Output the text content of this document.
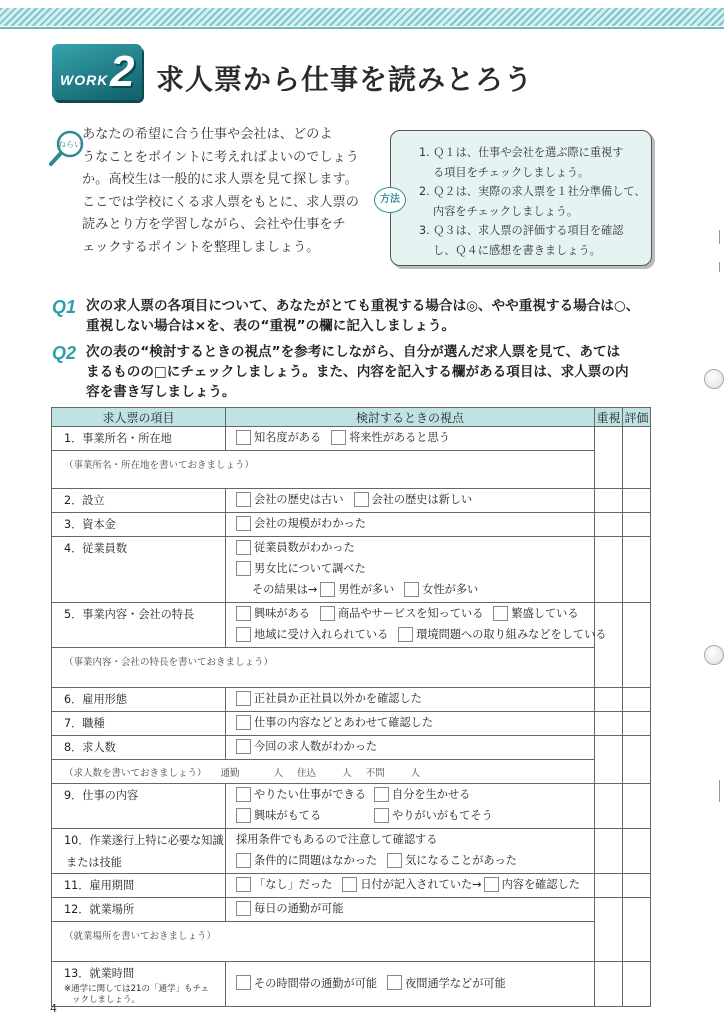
WORK 2 求人票から仕事を読みとろう
ねらい
あなたの希望に合う仕事や会社は、どのよ
うなことをポイントに考えればよいのでしょう
か。高校生は一般的に求人票を見て探します。
ここでは学校にくる求人票をもとに、求人票の
読みとり方を学習しながら、会社や仕事をチ
ェックするポイントを整理しましょう。
1. Ｑ１は、仕事や会社を選ぶ際に重視す
る項目をチェックしましょう。
2. Ｑ２は、実際の求人票を１社分準備して、
内容をチェックしましょう。
3. Ｑ３は、求人票の評価する項目を確認
し、Ｑ４に感想を書きましょう。
方法
Q1 次の求人票の各項目について、あなたがとても重視する場合は◎、やや重視する場合は○、
重視しない場合は×を、表の“重視”の欄に記入しましょう。
Q2 次の表の“検討するときの視点”を参考にしながら、自分が選んだ求人票を見て、あては
まるものの□にチェックしましょう。また、内容を記入する欄がある項目は、求人票の内
容を書き写しましょう。
求人票の項目	検討するときの視点	重視	評価
1．事業所名・所在地	知名度がある 将来性があると思う		

（事業所名・所在地を書いておきましょう）			
2．設立	会社の歴史は古い 会社の歴史は新しい		

3．資本金	会社の規模がわかった		

4．従業員数	従業員数がわかった
男女比について調べた
その結果は→ 男性が多い 女性が多い		

5．事業内容・会社の特長	興味がある 商品やサービスを知っている 繁盛している
地域に受け入れられている 環境問題への取り組みなどをしている		

（事業内容・会社の特長を書いておきましょう）			
6．雇用形態	正社員か正社員以外かを確認した		

7．職種	仕事の内容などとあわせて確認した		

8．求人数	今回の求人数がわかった		

（求人数を書いておきましょう） 通勤 人 住込 人 不問 人			
9．仕事の内容	やりたい仕事ができる 自分を生かせる
興味がもてる やりがいがもてそう		

10．作業遂行上特に必要な知識
または技能	採用条件でもあるので注意して確認する
条件的に問題はなかった 気になることがあった		

11．雇用期間	「なし」だった 日付が記入されていた→ 内容を確認した		

12．就業場所	毎日の通勤が可能		

（就業場所を書いておきましょう）			
13．就業時間
※通学に関しては21の「通学」もチェ
ックしましょう。	その時間帯の通勤が可能 夜間通学などが可能		

4
